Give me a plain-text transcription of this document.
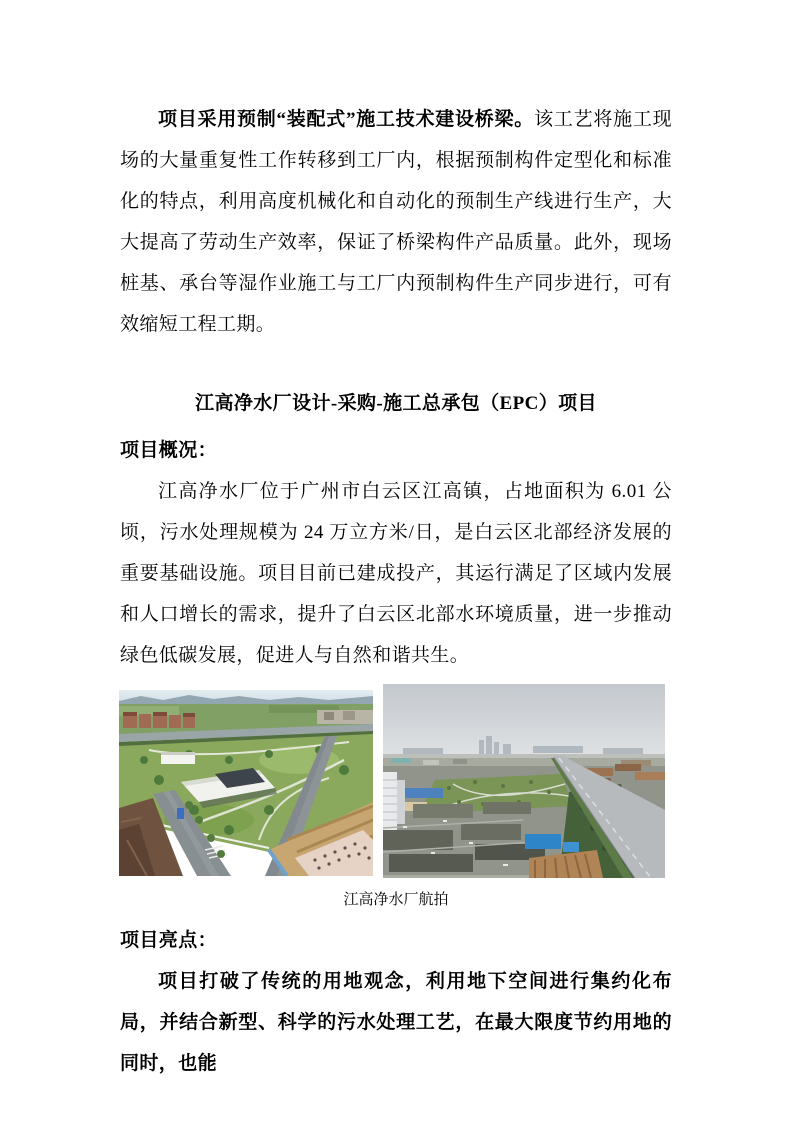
项目采用预制“装配式”施工技术建设桥梁。该工艺将施工现场的大量重复性工作转移到工厂内，根据预制构件定型化和标准化的特点，利用高度机械化和自动化的预制生产线进行生产，大大提高了劳动生产效率，保证了桥梁构件产品质量。此外，现场桩基、承台等湿作业施工与工厂内预制构件生产同步进行，可有效缩短工程工期。

江高净水厂设计-采购-施工总承包（EPC）项目

项目概况：

江高净水厂位于广州市白云区江高镇，占地面积为 6.01 公顷，污水处理规模为 24 万立方米/日，是白云区北部经济发展的重要基础设施。项目目前已建成投产，其运行满足了区域内发展和人口增长的需求，提升了白云区北部水环境质量，进一步推动绿色低碳发展，促进人与自然和谐共生。

江高净水厂航拍

项目亮点：

项目打破了传统的用地观念，利用地下空间进行集约化布局，并结合新型、科学的污水处理工艺，在最大限度节约用地的同时，也能
